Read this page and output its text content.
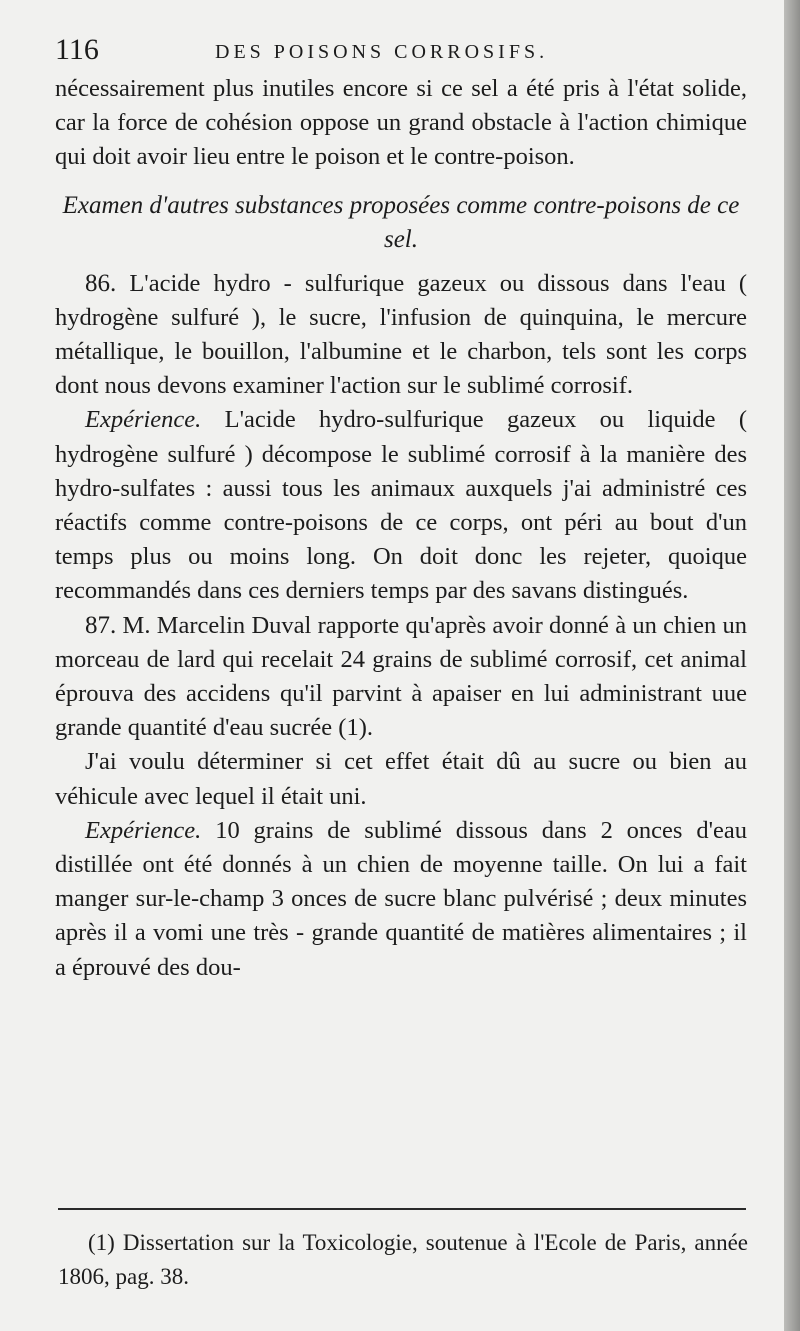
116	DES POISONS CORROSIFS.

nécessairement plus inutiles encore si ce sel a été pris à l'état solide, car la force de cohésion oppose un grand obstacle à l'action chimique qui doit avoir lieu entre le poison et le contre-poison.

Examen d'autres substances proposées comme contre-poisons de ce sel.

86. L'acide hydro - sulfurique gazeux ou dissous dans l'eau ( hydrogène sulfuré ), le sucre, l'infusion de quinquina, le mercure métallique, le bouillon, l'albumine et le charbon, tels sont les corps dont nous devons examiner l'action sur le sublimé corrosif.

Expérience. L'acide hydro-sulfurique gazeux ou liquide ( hydrogène sulfuré ) décompose le sublimé corrosif à la manière des hydro-sulfates : aussi tous les animaux auxquels j'ai administré ces réactifs comme contre-poisons de ce corps, ont péri au bout d'un temps plus ou moins long. On doit donc les rejeter, quoique recommandés dans ces derniers temps par des savans distingués.

87. M. Marcelin Duval rapporte qu'après avoir donné à un chien un morceau de lard qui recelait 24 grains de sublimé corrosif, cet animal éprouva des accidens qu'il parvint à apaiser en lui administrant uue grande quantité d'eau sucrée (1).

J'ai voulu déterminer si cet effet était dû au sucre ou bien au véhicule avec lequel il était uni.

Expérience. 10 grains de sublimé dissous dans 2 onces d'eau distillée ont été donnés à un chien de moyenne taille. On lui a fait manger sur-le-champ 3 onces de sucre blanc pulvérisé ; deux minutes après il a vomi une très - grande quantité de matières alimentaires ; il a éprouvé des dou-

(1) Dissertation sur la Toxicologie, soutenue à l'Ecole de Paris, année 1806, pag. 38.
